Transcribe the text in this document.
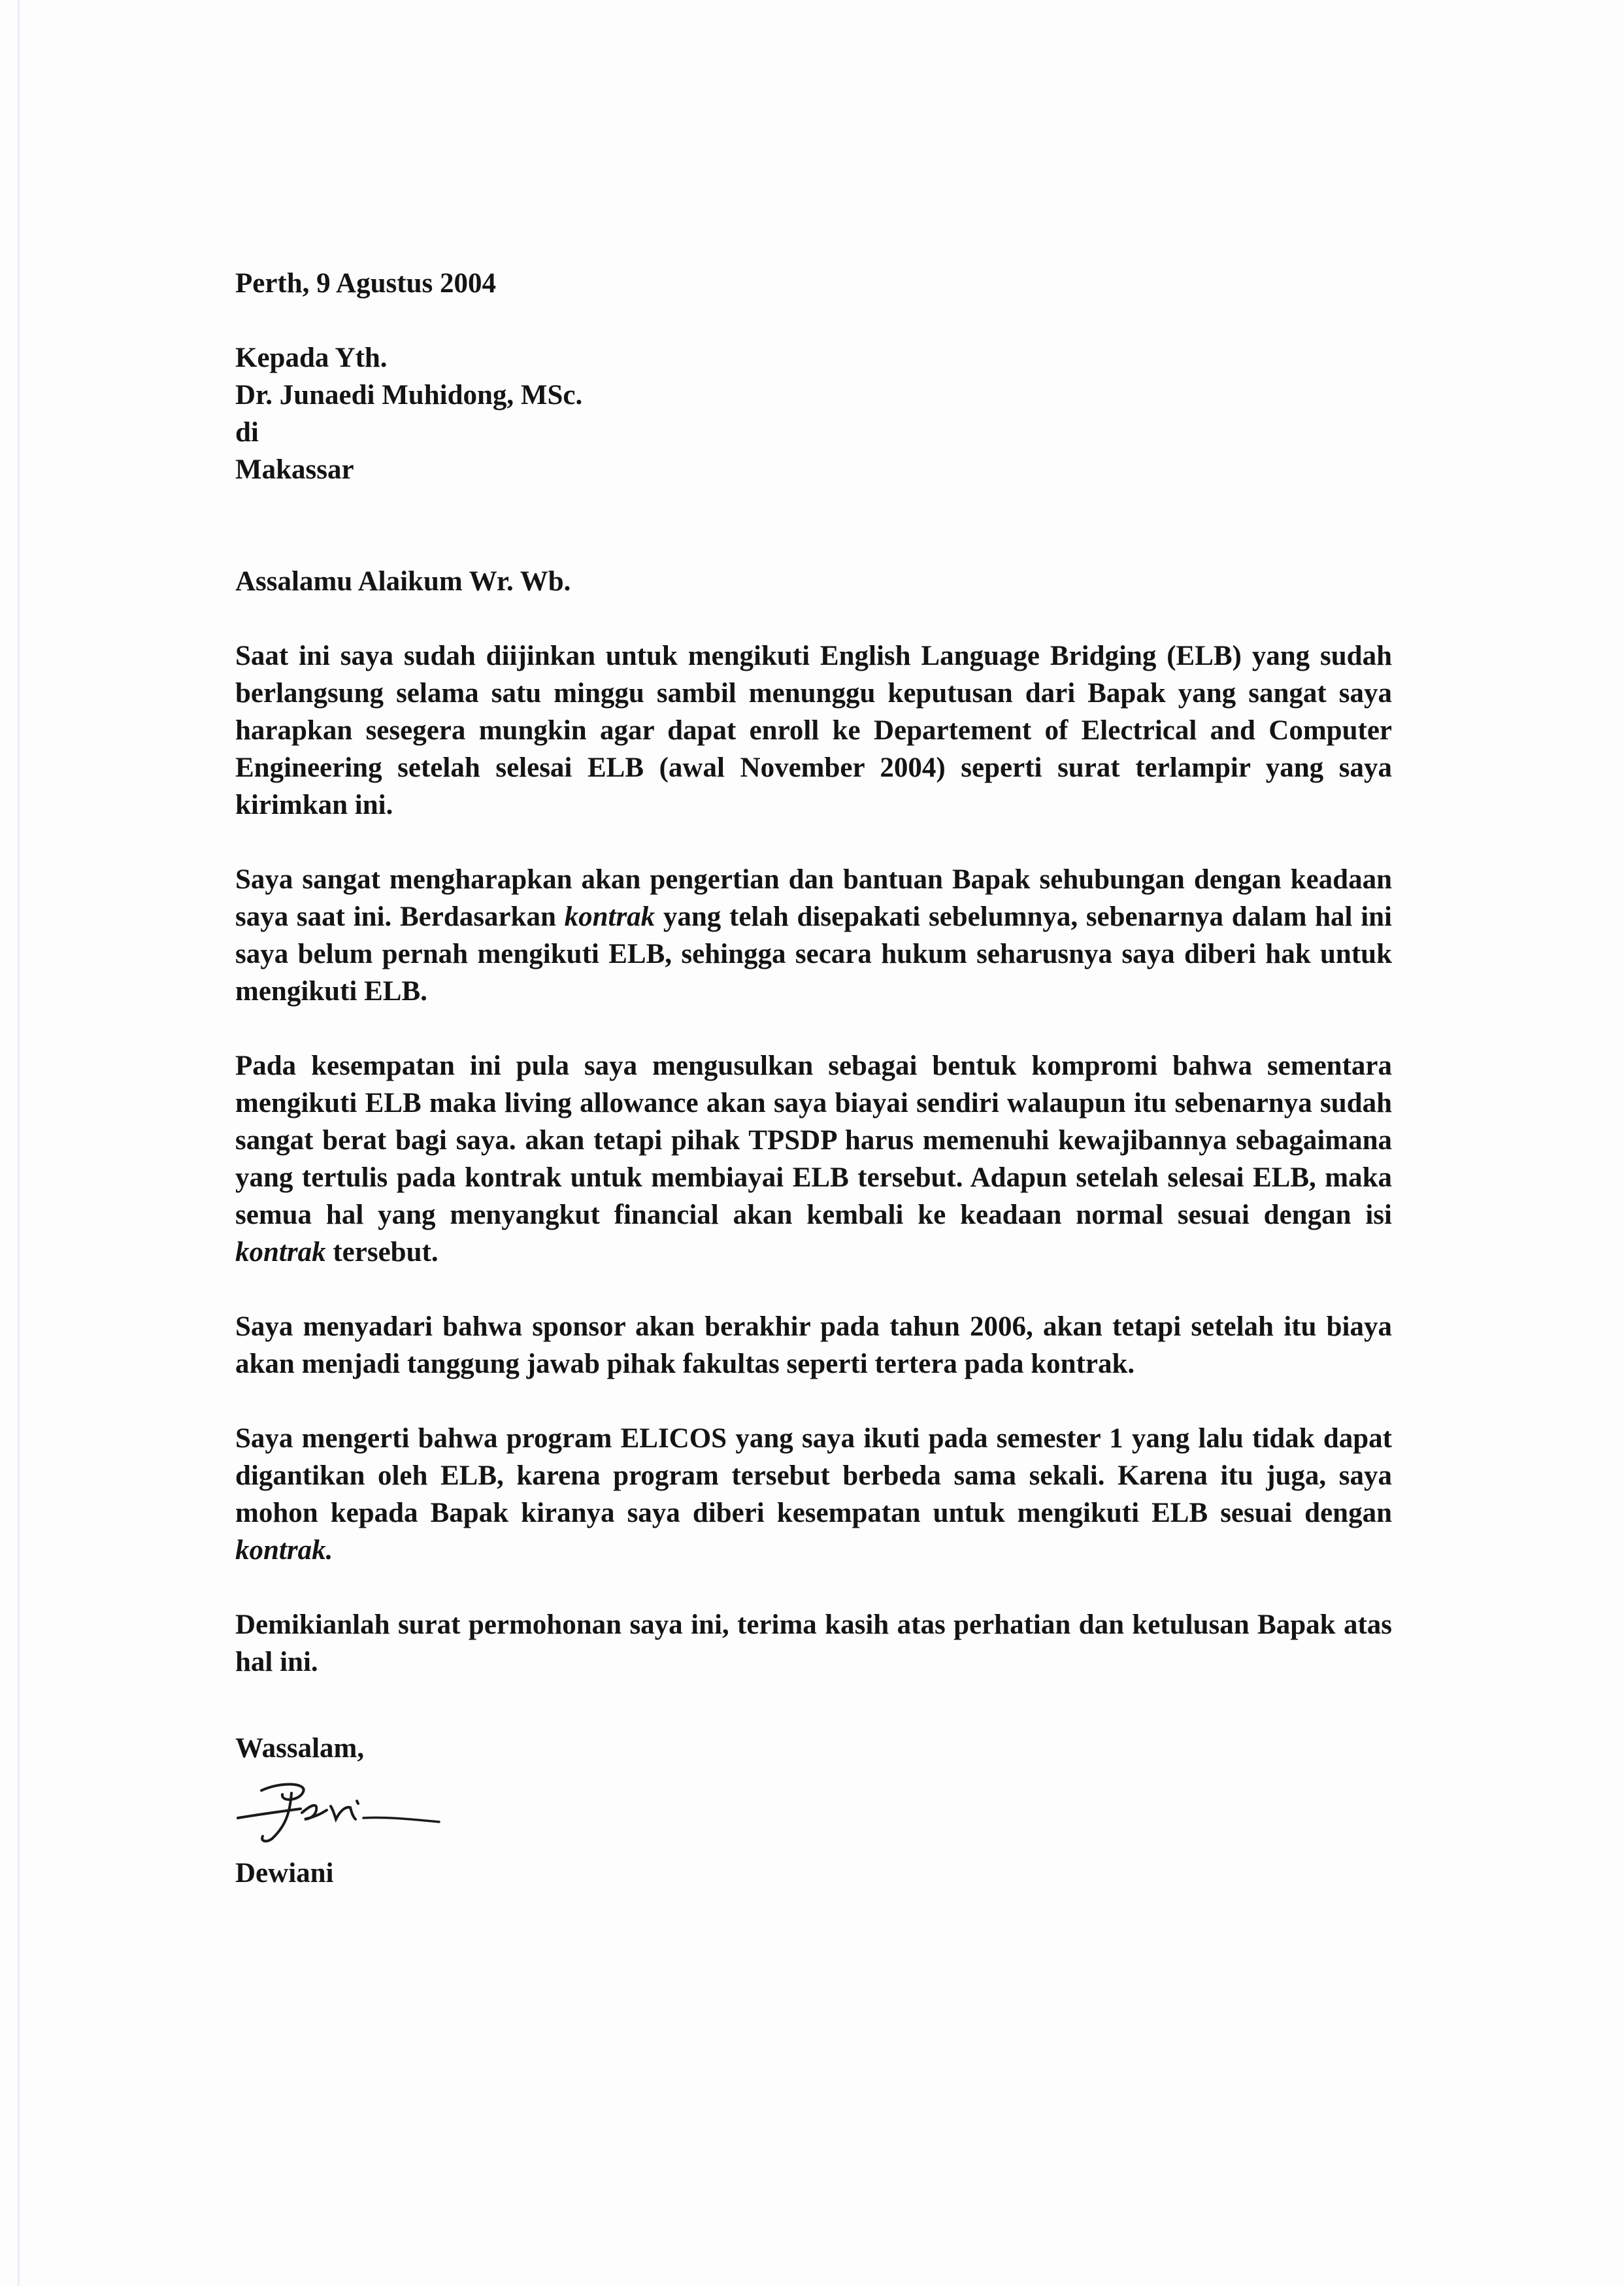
Perth, 9 Agustus 2004
Kepada Yth.
Dr. Junaedi Muhidong, MSc.
di
Makassar
Assalamu Alaikum Wr. Wb.

Saat ini saya sudah diijinkan untuk mengikuti English Language Bridging (ELB) yang sudah berlangsung selama satu minggu sambil menunggu keputusan dari Bapak yang sangat saya harapkan sesegera mungkin agar dapat enroll ke Departement of Electrical and Computer Engineering setelah selesai ELB (awal November 2004) seperti surat terlampir yang saya kirimkan ini.

Saya sangat mengharapkan akan pengertian dan bantuan Bapak sehubungan dengan keadaan saya saat ini. Berdasarkan kontrak yang telah disepakati sebelumnya, sebenarnya dalam hal ini saya belum pernah mengikuti ELB, sehingga secara hukum seharusnya saya diberi hak untuk mengikuti ELB.

Pada kesempatan ini pula saya mengusulkan sebagai bentuk kompromi bahwa sementara mengikuti ELB maka living allowance akan saya biayai sendiri walaupun itu sebenarnya sudah sangat berat bagi saya. akan tetapi pihak TPSDP harus memenuhi kewajibannya sebagaimana yang tertulis pada kontrak untuk membiayai ELB tersebut. Adapun setelah selesai ELB, maka semua hal yang menyangkut financial akan kembali ke keadaan normal sesuai dengan isi kontrak tersebut.

Saya menyadari bahwa sponsor akan berakhir pada tahun 2006, akan tetapi setelah itu biaya akan menjadi tanggung jawab pihak fakultas seperti tertera pada kontrak.

Saya mengerti bahwa program ELICOS yang saya ikuti pada semester 1 yang lalu tidak dapat digantikan oleh ELB, karena program tersebut berbeda sama sekali. Karena itu juga, saya mohon kepada Bapak kiranya saya diberi kesempatan untuk mengikuti ELB sesuai dengan kontrak.

Demikianlah surat permohonan saya ini, terima kasih atas perhatian dan ketulusan Bapak atas hal ini.

Wassalam,
Dewiani
